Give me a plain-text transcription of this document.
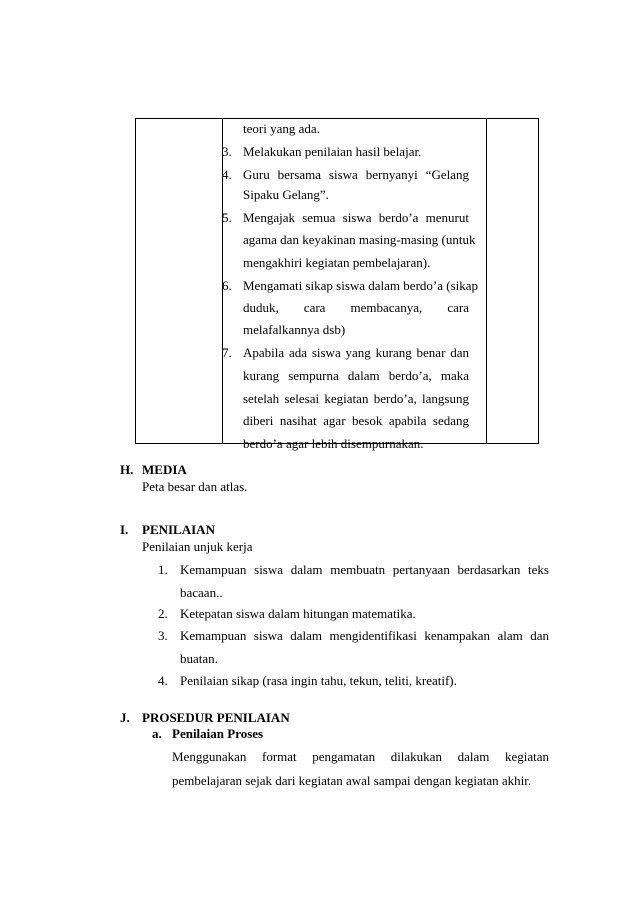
teori yang ada.
3. Melakukan penilaian hasil belajar.
4. Guru bersama siswa bernyanyi “Gelang
Sipaku Gelang”.
5. Mengajak semua siswa berdo’a menurut
agama dan keyakinan masing-masing (untuk
mengakhiri kegiatan pembelajaran).
6. Mengamati sikap siswa dalam berdo’a (sikap
duduk, cara membacanya, cara
melafalkannya dsb)
7. Apabila ada siswa yang kurang benar dan
kurang sempurna dalam berdo’a, maka
setelah selesai kegiatan berdo’a, langsung
diberi nasihat agar besok apabila sedang
berdo’a agar lebih disempurnakan.
H. MEDIA
Peta besar dan atlas.
I. PENILAIAN
Penilaian unjuk kerja
1. Kemampuan siswa dalam membuatn pertanyaan berdasarkan teks
bacaan..
2. Ketepatan siswa dalam hitungan matematika.
3. Kemampuan siswa dalam mengidentifikasi kenampakan alam dan
buatan.
4. Penilaian sikap (rasa ingin tahu, tekun, teliti, kreatif).
J. PROSEDUR PENILAIAN
a. Penilaian Proses
Menggunakan format pengamatan dilakukan dalam kegiatan
pembelajaran sejak dari kegiatan awal sampai dengan kegiatan akhir.
